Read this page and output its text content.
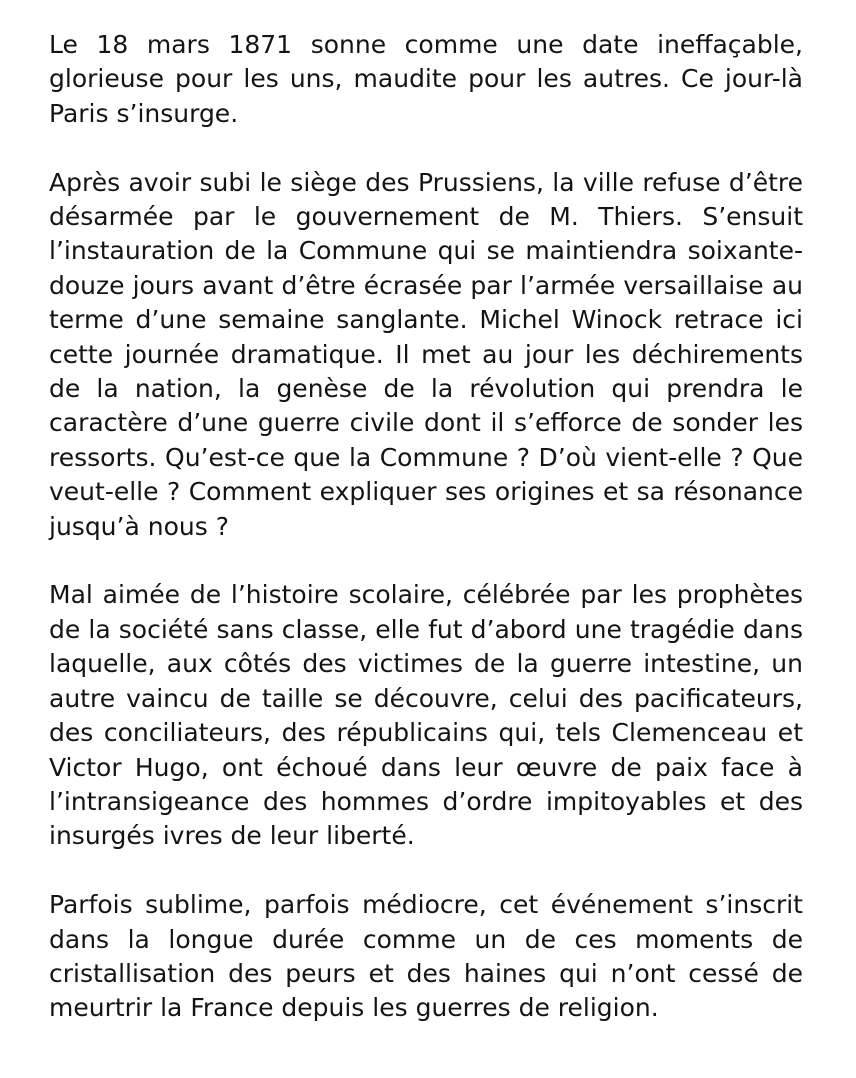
Le 18 mars 1871 sonne comme une date ineffaçable, glorieuse pour les uns, maudite pour les autres. Ce jour-là Paris s’insurge.

Après avoir subi le siège des Prussiens, la ville refuse d’être désarmée par le gouvernement de M. Thiers. S’ensuit l’instauration de la Commune qui se maintiendra soixante- douze jours avant d’être écrasée par l’armée versaillaise au terme d’une semaine sanglante. Michel Winock retrace ici cette journée dramatique. Il met au jour les déchirements de la nation, la genèse de la révolution qui prendra le caractère d’une guerre civile dont il s’efforce de sonder les ressorts. Qu’est-ce que la Commune ? D’où vient-elle ? Que veut-elle ? Comment expliquer ses origines et sa résonance jusqu’à nous ?

Mal aimée de l’histoire scolaire, célébrée par les prophètes de la société sans classe, elle fut d’abord une tragédie dans laquelle, aux côtés des victimes de la guerre intestine, un autre vaincu de taille se découvre, celui des pacificateurs, des conciliateurs, des républicains qui, tels Clemenceau et Victor Hugo, ont échoué dans leur œuvre de paix face à l’intransigeance des hommes d’ordre impitoyables et des insurgés ivres de leur liberté.

Parfois sublime, parfois médiocre, cet événement s’inscrit dans la longue durée comme un de ces moments de cristallisation des peurs et des haines qui n’ont cessé de meurtrir la France depuis les guerres de religion.
